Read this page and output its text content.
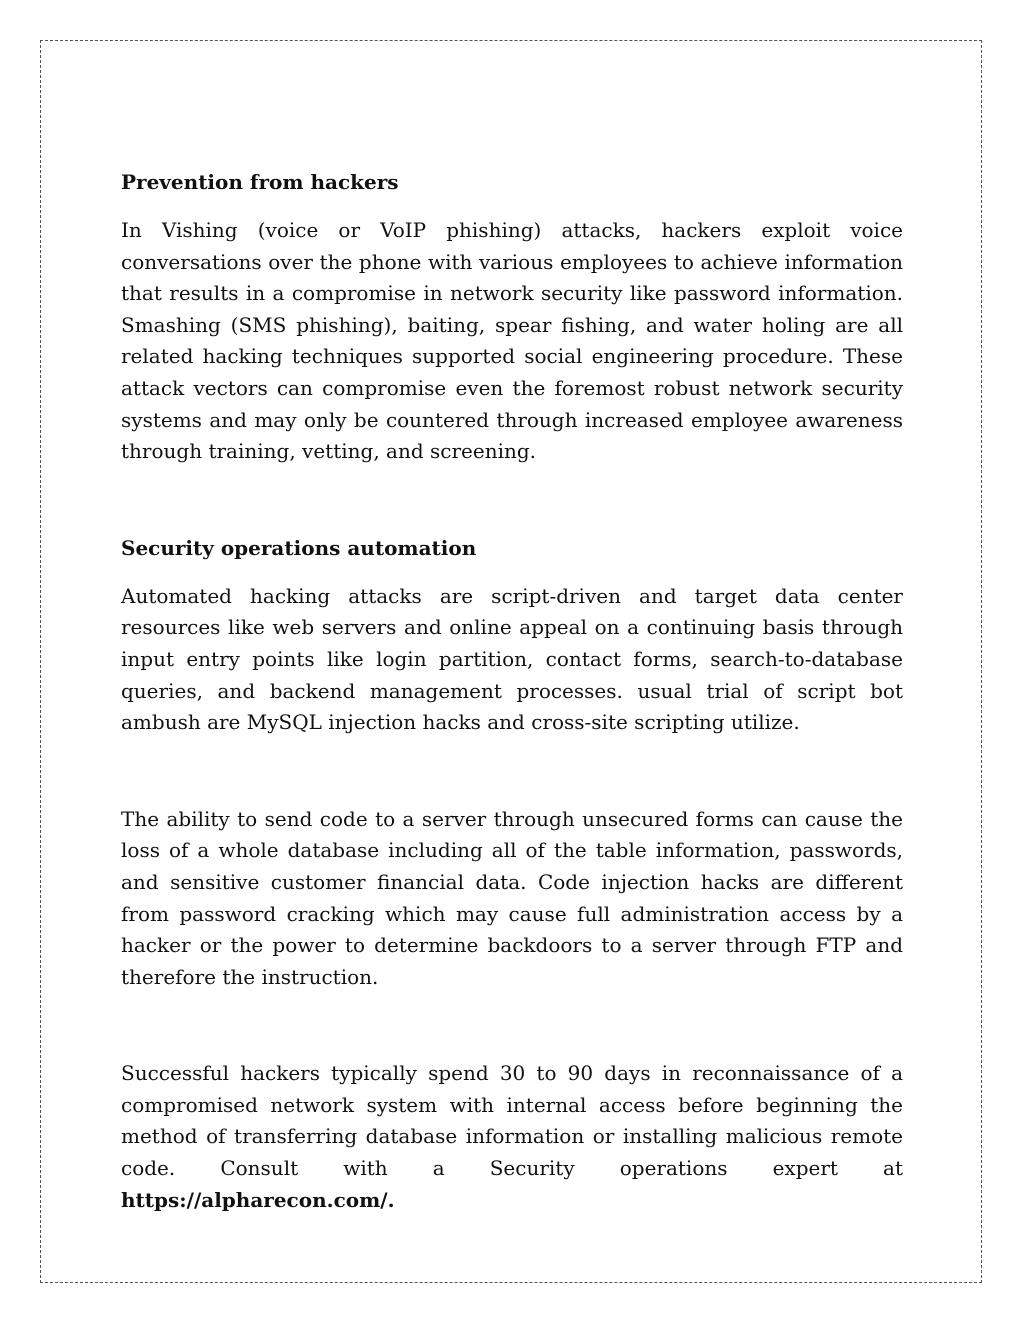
Prevention from hackers

In Vishing (voice or VoIP phishing) attacks, hackers exploit voice conversations over the phone with various employees to achieve information that results in a compromise in network security like password information. Smashing (SMS phishing), baiting, spear fishing, and water holing are all related hacking techniques supported social engineering procedure. These attack vectors can compromise even the foremost robust network security systems and may only be countered through increased employee awareness through training, vetting, and screening.

Security operations automation

Automated hacking attacks are script-driven and target data center resources like web servers and online appeal on a continuing basis through input entry points like login partition, contact forms, search-to-database queries, and backend management processes. usual trial of script bot ambush are MySQL injection hacks and cross-site scripting utilize.

The ability to send code to a server through unsecured forms can cause the loss of a whole database including all of the table information, passwords, and sensitive customer financial data. Code injection hacks are different from password cracking which may cause full administration access by a hacker or the power to determine backdoors to a server through FTP and therefore the instruction.

Successful hackers typically spend 30 to 90 days in reconnaissance of a compromised network system with internal access before beginning the method of transferring database information or installing malicious remote code. Consult with a Security operations expert at https://alpharecon.com/.
